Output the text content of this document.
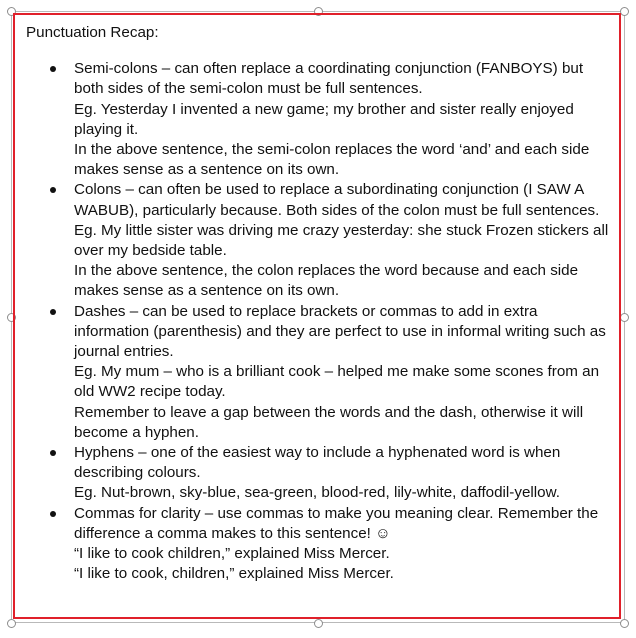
Punctuation Recap:
Semi-colons – can often replace a coordinating conjunction (FANBOYS) but both sides of the semi-colon must be full sentences.
Eg. Yesterday I invented a new game; my brother and sister really enjoyed playing it.
In the above sentence, the semi-colon replaces the word ‘and’ and each side makes sense as a sentence on its own.
Colons – can often be used to replace a subordinating conjunction (I SAW A WABUB), particularly because. Both sides of the colon must be full sentences.
Eg. My little sister was driving me crazy yesterday: she stuck Frozen stickers all over my bedside table.
In the above sentence, the colon replaces the word because and each side makes sense as a sentence on its own.
Dashes – can be used to replace brackets or commas to add in extra information (parenthesis) and they are perfect to use in informal writing such as journal entries.
Eg. My mum – who is a brilliant cook – helped me make some scones from an old WW2 recipe today.
Remember to leave a gap between the words and the dash, otherwise it will become a hyphen.
Hyphens – one of the easiest way to include a hyphenated word is when describing colours.
Eg. Nut-brown, sky-blue, sea-green, blood-red, lily-white, daffodil-yellow.
Commas for clarity – use commas to make you meaning clear. Remember the difference a comma makes to this sentence! ☺
“I like to cook children,” explained Miss Mercer.
“I like to cook, children,” explained Miss Mercer.
